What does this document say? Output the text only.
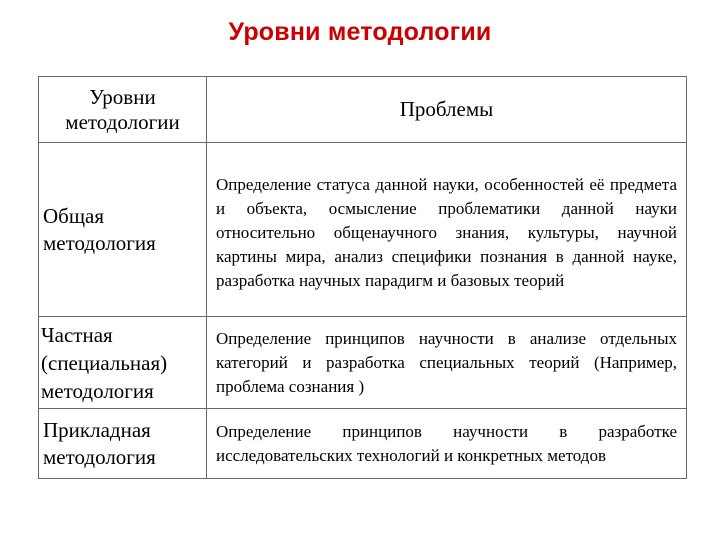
Уровни методологии
Уровни методологии	Проблемы
Общая методология	Определение статуса данной науки, особенностей её предмета и объекта, осмысление проблематики данной науки относительно общенаучного знания, культуры, научной картины мира, анализ специфики познания в данной науке, разработка научных парадигм и базовых теорий

Частная (специальная) методология	Определение принципов научности в анализе отдельных категорий и разработка специальных теорий (Например, проблема сознания )

Прикладная методология	Определение принципов научности в разработке исследовательских технологий и конкретных методов
